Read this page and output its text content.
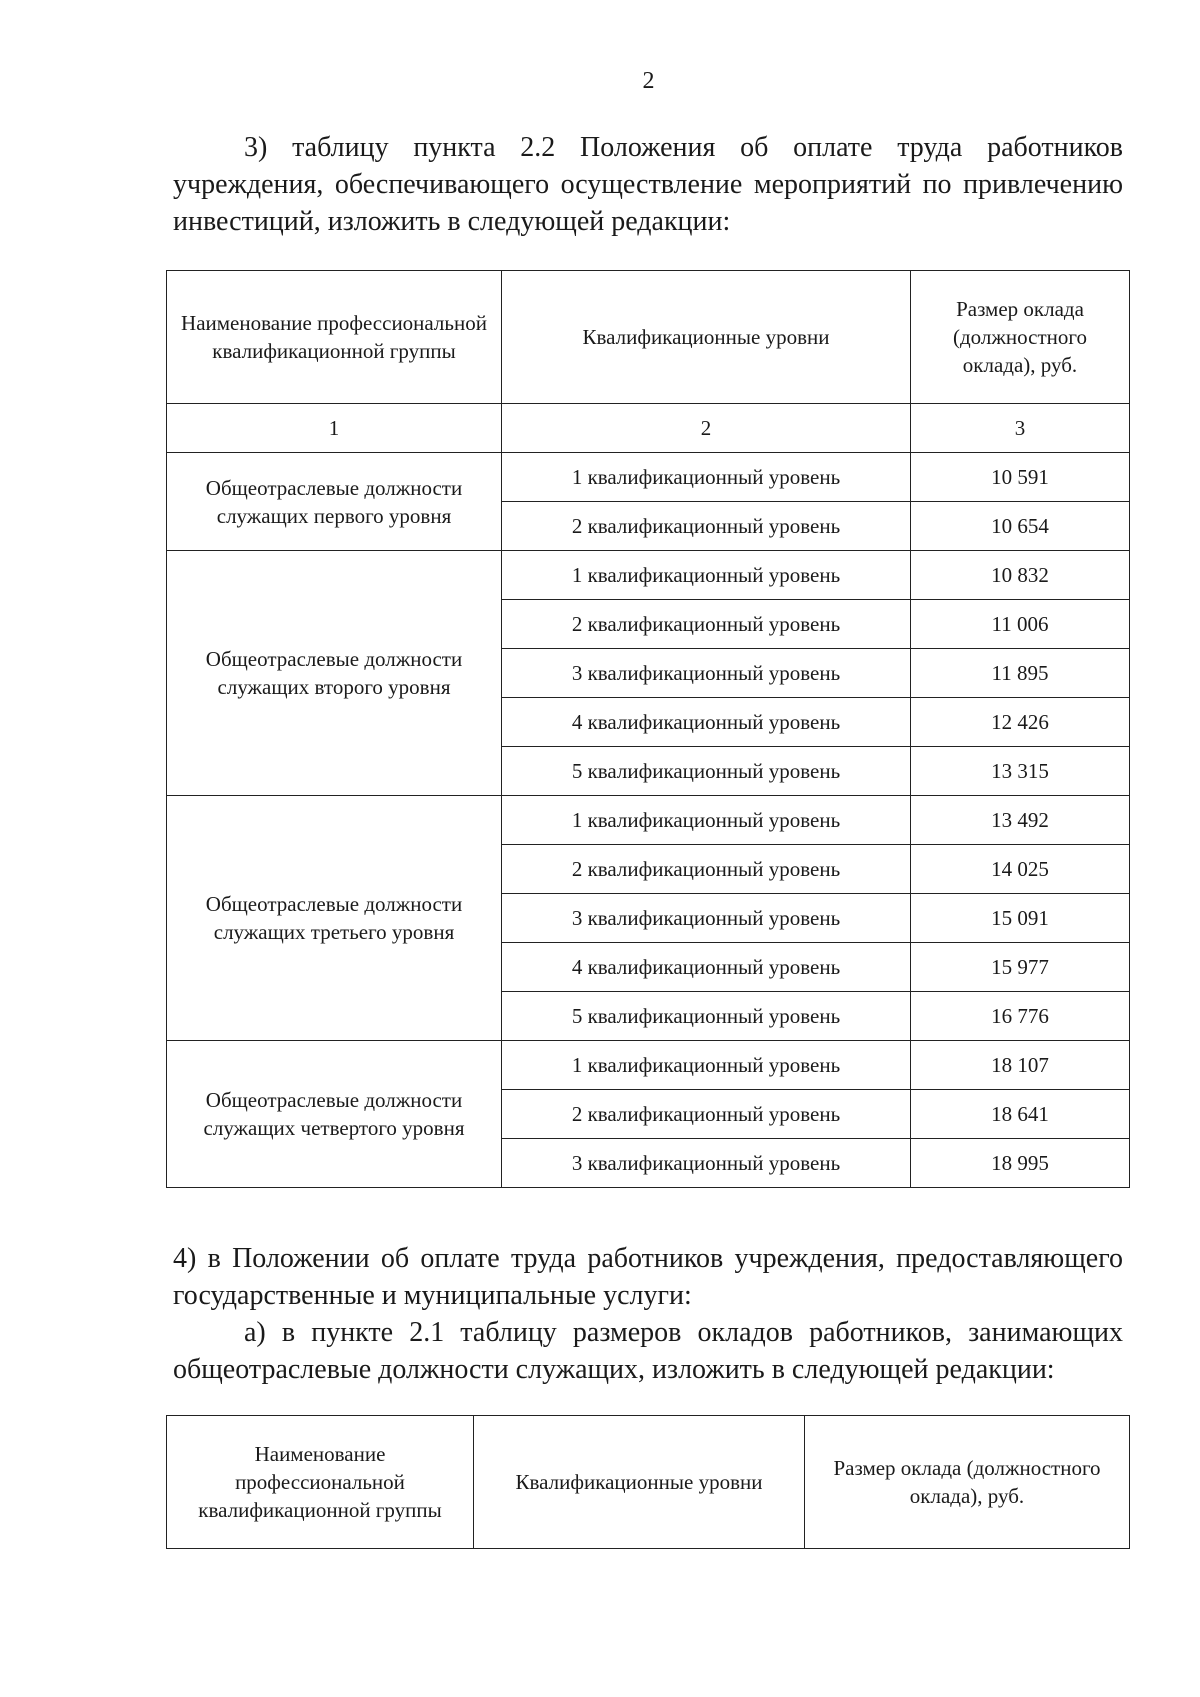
2

3) таблицу пункта 2.2 Положения об оплате труда работников учреждения, обеспечивающего осуществление мероприятий по привлечению инвестиций, изложить в следующей редакции:

Наименование профессиональной квалификационной группы	Квалификационные уровни	Размер оклада (должностного оклада), руб.
1	2	3
Общеотраслевые должности служащих первого уровня	1 квалификационный уровень	10 591
	2 квалификационный уровень	10 654
Общеотраслевые должности служащих второго уровня	1 квалификационный уровень	10 832
	2 квалификационный уровень	11 006
	3 квалификационный уровень	11 895
	4 квалификационный уровень	12 426
	5 квалификационный уровень	13 315
Общеотраслевые должности служащих третьего уровня	1 квалификационный уровень	13 492
	2 квалификационный уровень	14 025
	3 квалификационный уровень	15 091
	4 квалификационный уровень	15 977
	5 квалификационный уровень	16 776
Общеотраслевые должности служащих четвертого уровня	1 квалификационный уровень	18 107
	2 квалификационный уровень	18 641
	3 квалификационный уровень	18 995

4) в Положении об оплате труда работников учреждения, предоставляющего государственные и муниципальные услуги:

а) в пункте 2.1 таблицу размеров окладов работников, занимающих общеотраслевые должности служащих, изложить в следующей редакции:

Наименование профессиональной квалификационной группы	Квалификационные уровни	Размер оклада (должностного оклада), руб.
